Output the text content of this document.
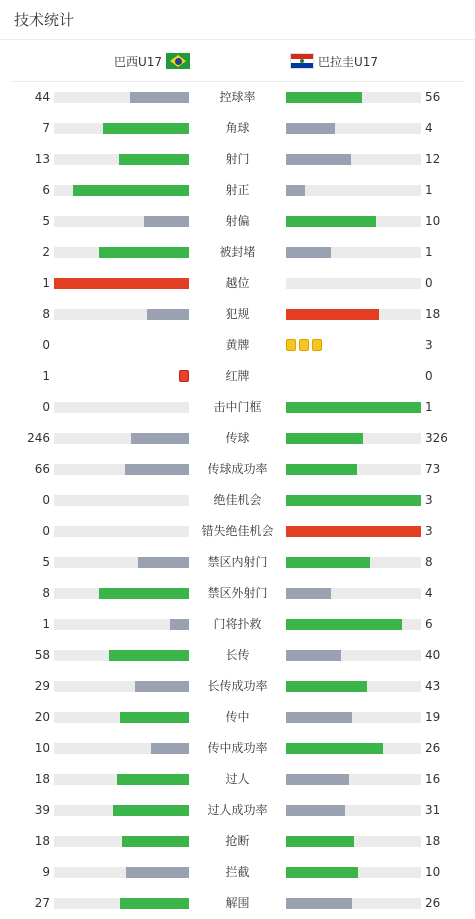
技术统计
巴西U17	巴拉圭U17
44	控球率	56
7	角球	4
13	射门	12
6	射正	1
5	射偏	10
2	被封堵	1
1	越位	0
8	犯规	18
0	黄牌	3
1	红牌	0
0	击中门框	1
246	传球	326
66	传球成功率	73
0	绝佳机会	3
0	错失绝佳机会	3
5	禁区内射门	8
8	禁区外射门	4
1	门将扑救	6
58	长传	40
29	长传成功率	43
20	传中	19
10	传中成功率	26
18	过人	16
39	过人成功率	31
18	抢断	18
9	拦截	10
27	解围	26
